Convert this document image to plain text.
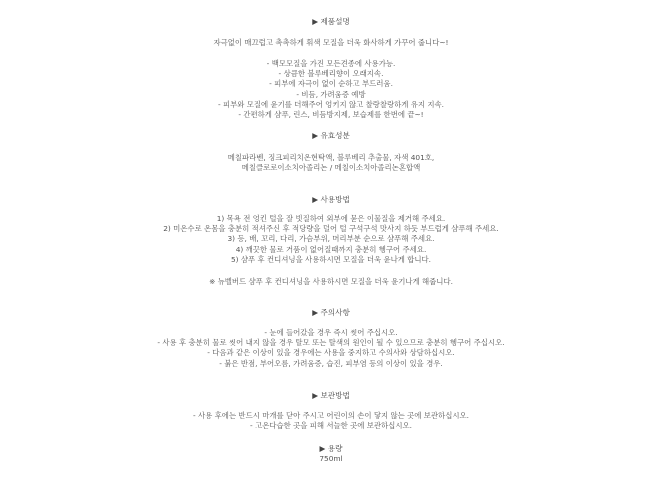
▶ 제품설명
자극없이 매끄럽고 촉촉하게 휘색 모질을 더욱 화사하게 가꾸어 줍니다~!
- 백모모질을 가진 모든견종에 사용가능.
- 상큼한 블루베리향이 오래지속.
- 피부에 자극이 없이 순하고 부드러움.
- 비듬, 가려움증 예방
- 피부와 모질에 윤기를 더해주어 엉키지 않고 찰랑찰랑하게 유지 지속.
- 간편하게 샴푸, 린스, 비듬방지제, 보습제를 한번에 끝~!
▶ 유효성분
메칠파라벤, 징크피리치온현탁액, 블루베리 추출물, 자색 401호,
메칠클로로이소치아졸리논 / 메칠이소치아졸리논혼합액
▶ 사용방법
1) 목욕 전 엉킨 털을 잘 빗질하여 외부에 묻은 이물질을 제거해 주세요.
2) 미온수로 온몸을 충분히 적셔주신 후 적당량을 덜어 털 구석구석 맛사지 하듯 부드럽게 샴푸해 주세요.
3) 등, 배, 꼬리, 다리, 가슴부위, 머리부분 순으로 샴푸해 주세요.
4) 깨끗한 물로 거품이 없어질때까지 충분히 헹구어 주세요.
5) 샴푸 후 컨디셔닝을 사용하시면 모질을 더욱 윤나게 합니다.
※ 뉴벨버드 샴푸 후 컨디셔닝을 사용하시면 모질을 더욱 윤기나게 해줍니다.
▶ 주의사항
- 눈에 들어갔을 경우 즉시 씻어 주십시오.
- 사용 후 충분히 물로 씻어 내지 않을 경우 탈모 또는 탈색의 원인이 될 수 있으므로 충분히 헹구어 주십시오.
- 다음과 같은 이상이 있을 경우에는 사용을 중지하고 수의사와 상담하십시오.
- 붉은 반점, 부어오름, 가려움증, 습진, 피부염 등의 이상이 있을 경우.
▶ 보관방법
- 사용 후에는 반드시 마개를 닫아 주시고 어린이의 손이 닿지 않는 곳에 보관하십시오.
- 고온다습한 곳을 피해 서늘한 곳에 보관하십시오.
▶ 용량
750ml
